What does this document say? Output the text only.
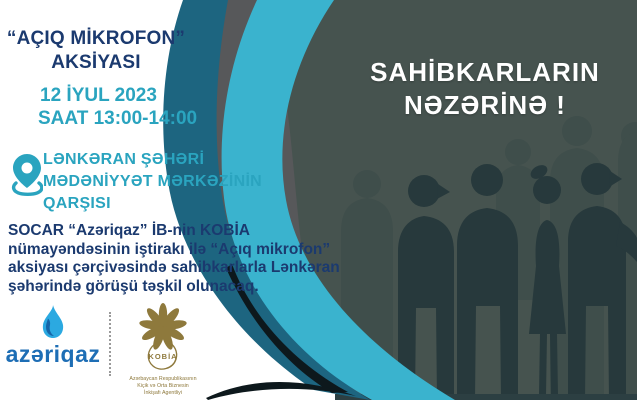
“AÇIQ MİKROFON”
AKSİYASI
12 İYUL 2023
SAAT 13:00-14:00
LƏNKƏRAN ŞƏHƏRİ
MƏDƏNİYYƏT MƏRKƏZİNİN
QARŞISI
SOCAR “Azəriqaz” İB-nin KOBİA
nümayəndəsinin iştirakı ilə “Açıq mikrofon”
aksiyası çərçivəsində sahibkarlarla Lənkəran
şəhərində görüşü təşkil olunacaq.
SAHİBKARLARIN
NƏZƏRİNƏ !
azəriqaz	KOBİA
Azərbaycan Respublikasının
Kiçik və Orta Biznesin
İnkişafı Agentliyi
